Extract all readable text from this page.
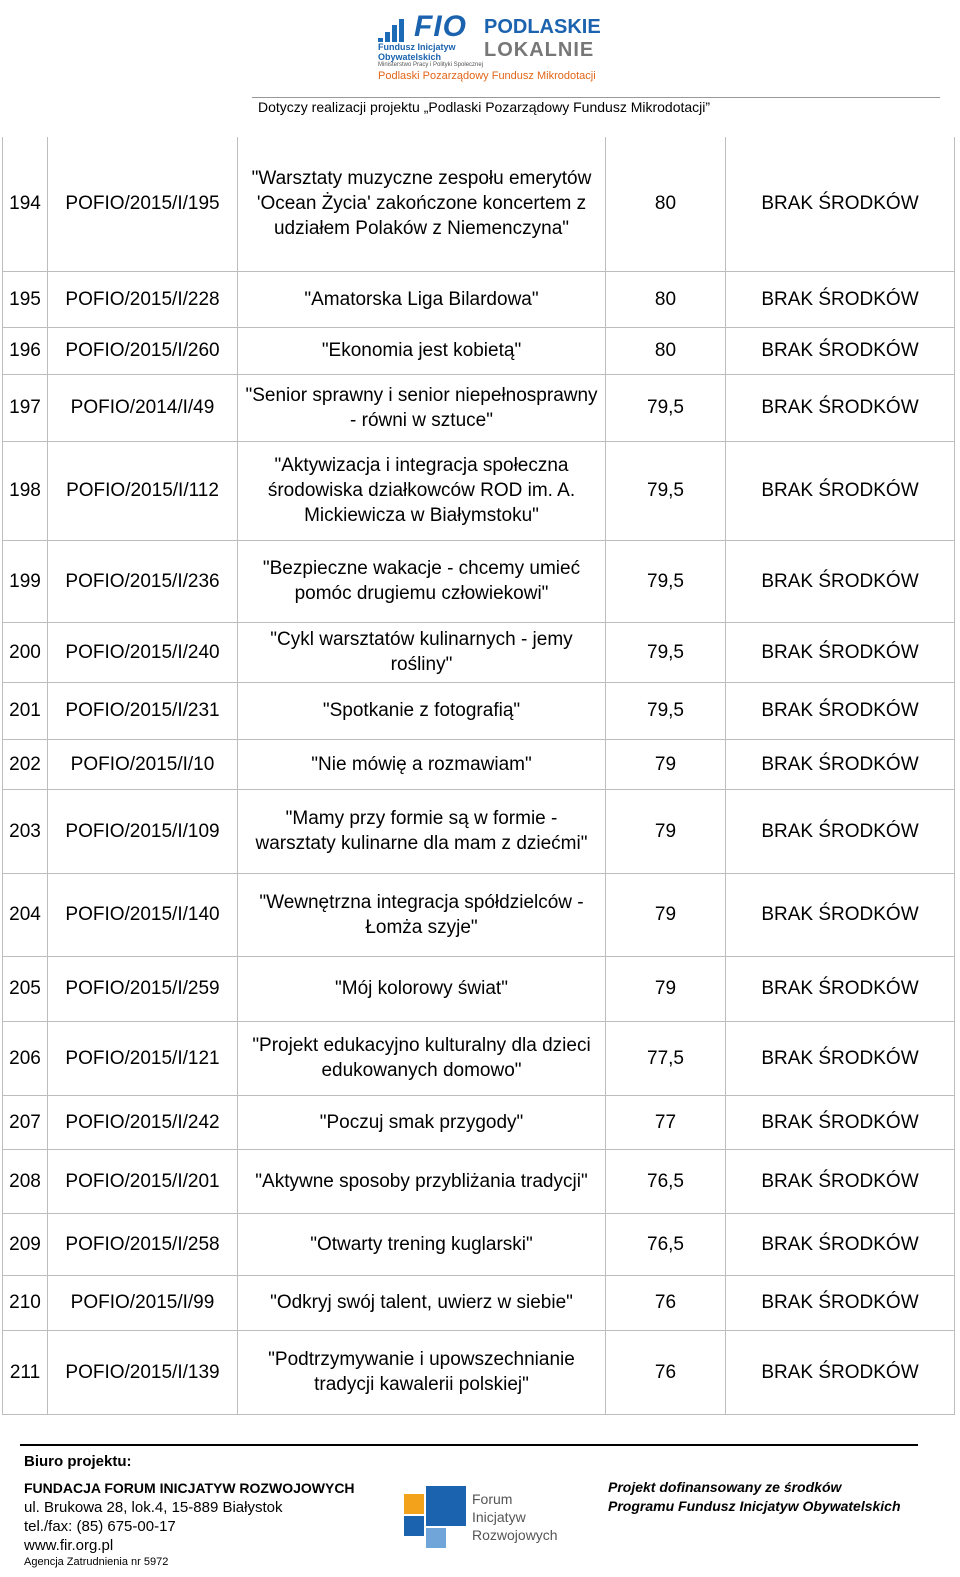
FIO
Fundusz Inicjatyw Obywatelskich
Ministerstwo Pracy i Polityki Społecznej
PODLASKIE
LOKALNIE
Podlaski Pozarządowy Fundusz Mikrodotacji
Dotyczy realizacji projektu „Podlaski Pozarządowy Fundusz Mikrodotacji”
194	POFIO/2015/I/195	"Warsztaty muzyczne zespołu emerytów 'Ocean Życia' zakończone koncertem z udziałem Polaków z Niemenczyna"	80	BRAK ŚRODKÓW
195	POFIO/2015/I/228	"Amatorska Liga Bilardowa"	80	BRAK ŚRODKÓW
196	POFIO/2015/I/260	"Ekonomia jest kobietą"	80	BRAK ŚRODKÓW
197	POFIO/2014/I/49	"Senior sprawny i senior niepełnosprawny - równi w sztuce"	79,5	BRAK ŚRODKÓW
198	POFIO/2015/I/112	"Aktywizacja i integracja społeczna środowiska działkowców ROD im. A. Mickiewicza w Białymstoku"	79,5	BRAK ŚRODKÓW
199	POFIO/2015/I/236	"Bezpieczne wakacje - chcemy umieć pomóc drugiemu człowiekowi"	79,5	BRAK ŚRODKÓW
200	POFIO/2015/I/240	"Cykl warsztatów kulinarnych - jemy rośliny"	79,5	BRAK ŚRODKÓW
201	POFIO/2015/I/231	"Spotkanie z fotografią"	79,5	BRAK ŚRODKÓW
202	POFIO/2015/I/10	"Nie mówię a rozmawiam"	79	BRAK ŚRODKÓW
203	POFIO/2015/I/109	"Mamy przy formie są w formie - warsztaty kulinarne dla mam z dziećmi"	79	BRAK ŚRODKÓW
204	POFIO/2015/I/140	"Wewnętrzna integracja spółdzielców - Łomża szyje"	79	BRAK ŚRODKÓW
205	POFIO/2015/I/259	"Mój kolorowy świat"	79	BRAK ŚRODKÓW
206	POFIO/2015/I/121	"Projekt edukacyjno kulturalny dla dzieci edukowanych domowo"	77,5	BRAK ŚRODKÓW
207	POFIO/2015/I/242	"Poczuj smak przygody"	77	BRAK ŚRODKÓW
208	POFIO/2015/I/201	"Aktywne sposoby przybliżania tradycji"	76,5	BRAK ŚRODKÓW
209	POFIO/2015/I/258	"Otwarty trening kuglarski"	76,5	BRAK ŚRODKÓW
210	POFIO/2015/I/99	"Odkryj swój talent, uwierz w siebie"	76	BRAK ŚRODKÓW
211	POFIO/2015/I/139	"Podtrzymywanie i upowszechnianie tradycji kawalerii polskiej"	76	BRAK ŚRODKÓW
Biuro projektu:
FUNDACJA FORUM INICJATYW ROZWOJOWYCH
ul. Brukowa 28, lok.4, 15-889 Białystok
tel./fax: (85) 675-00-17
www.fir.org.pl
Agencja Zatrudnienia nr 5972
Forum
Inicjatyw
Rozwojowych
Projekt dofinansowany ze środków
Programu Fundusz Inicjatyw Obywatelskich
